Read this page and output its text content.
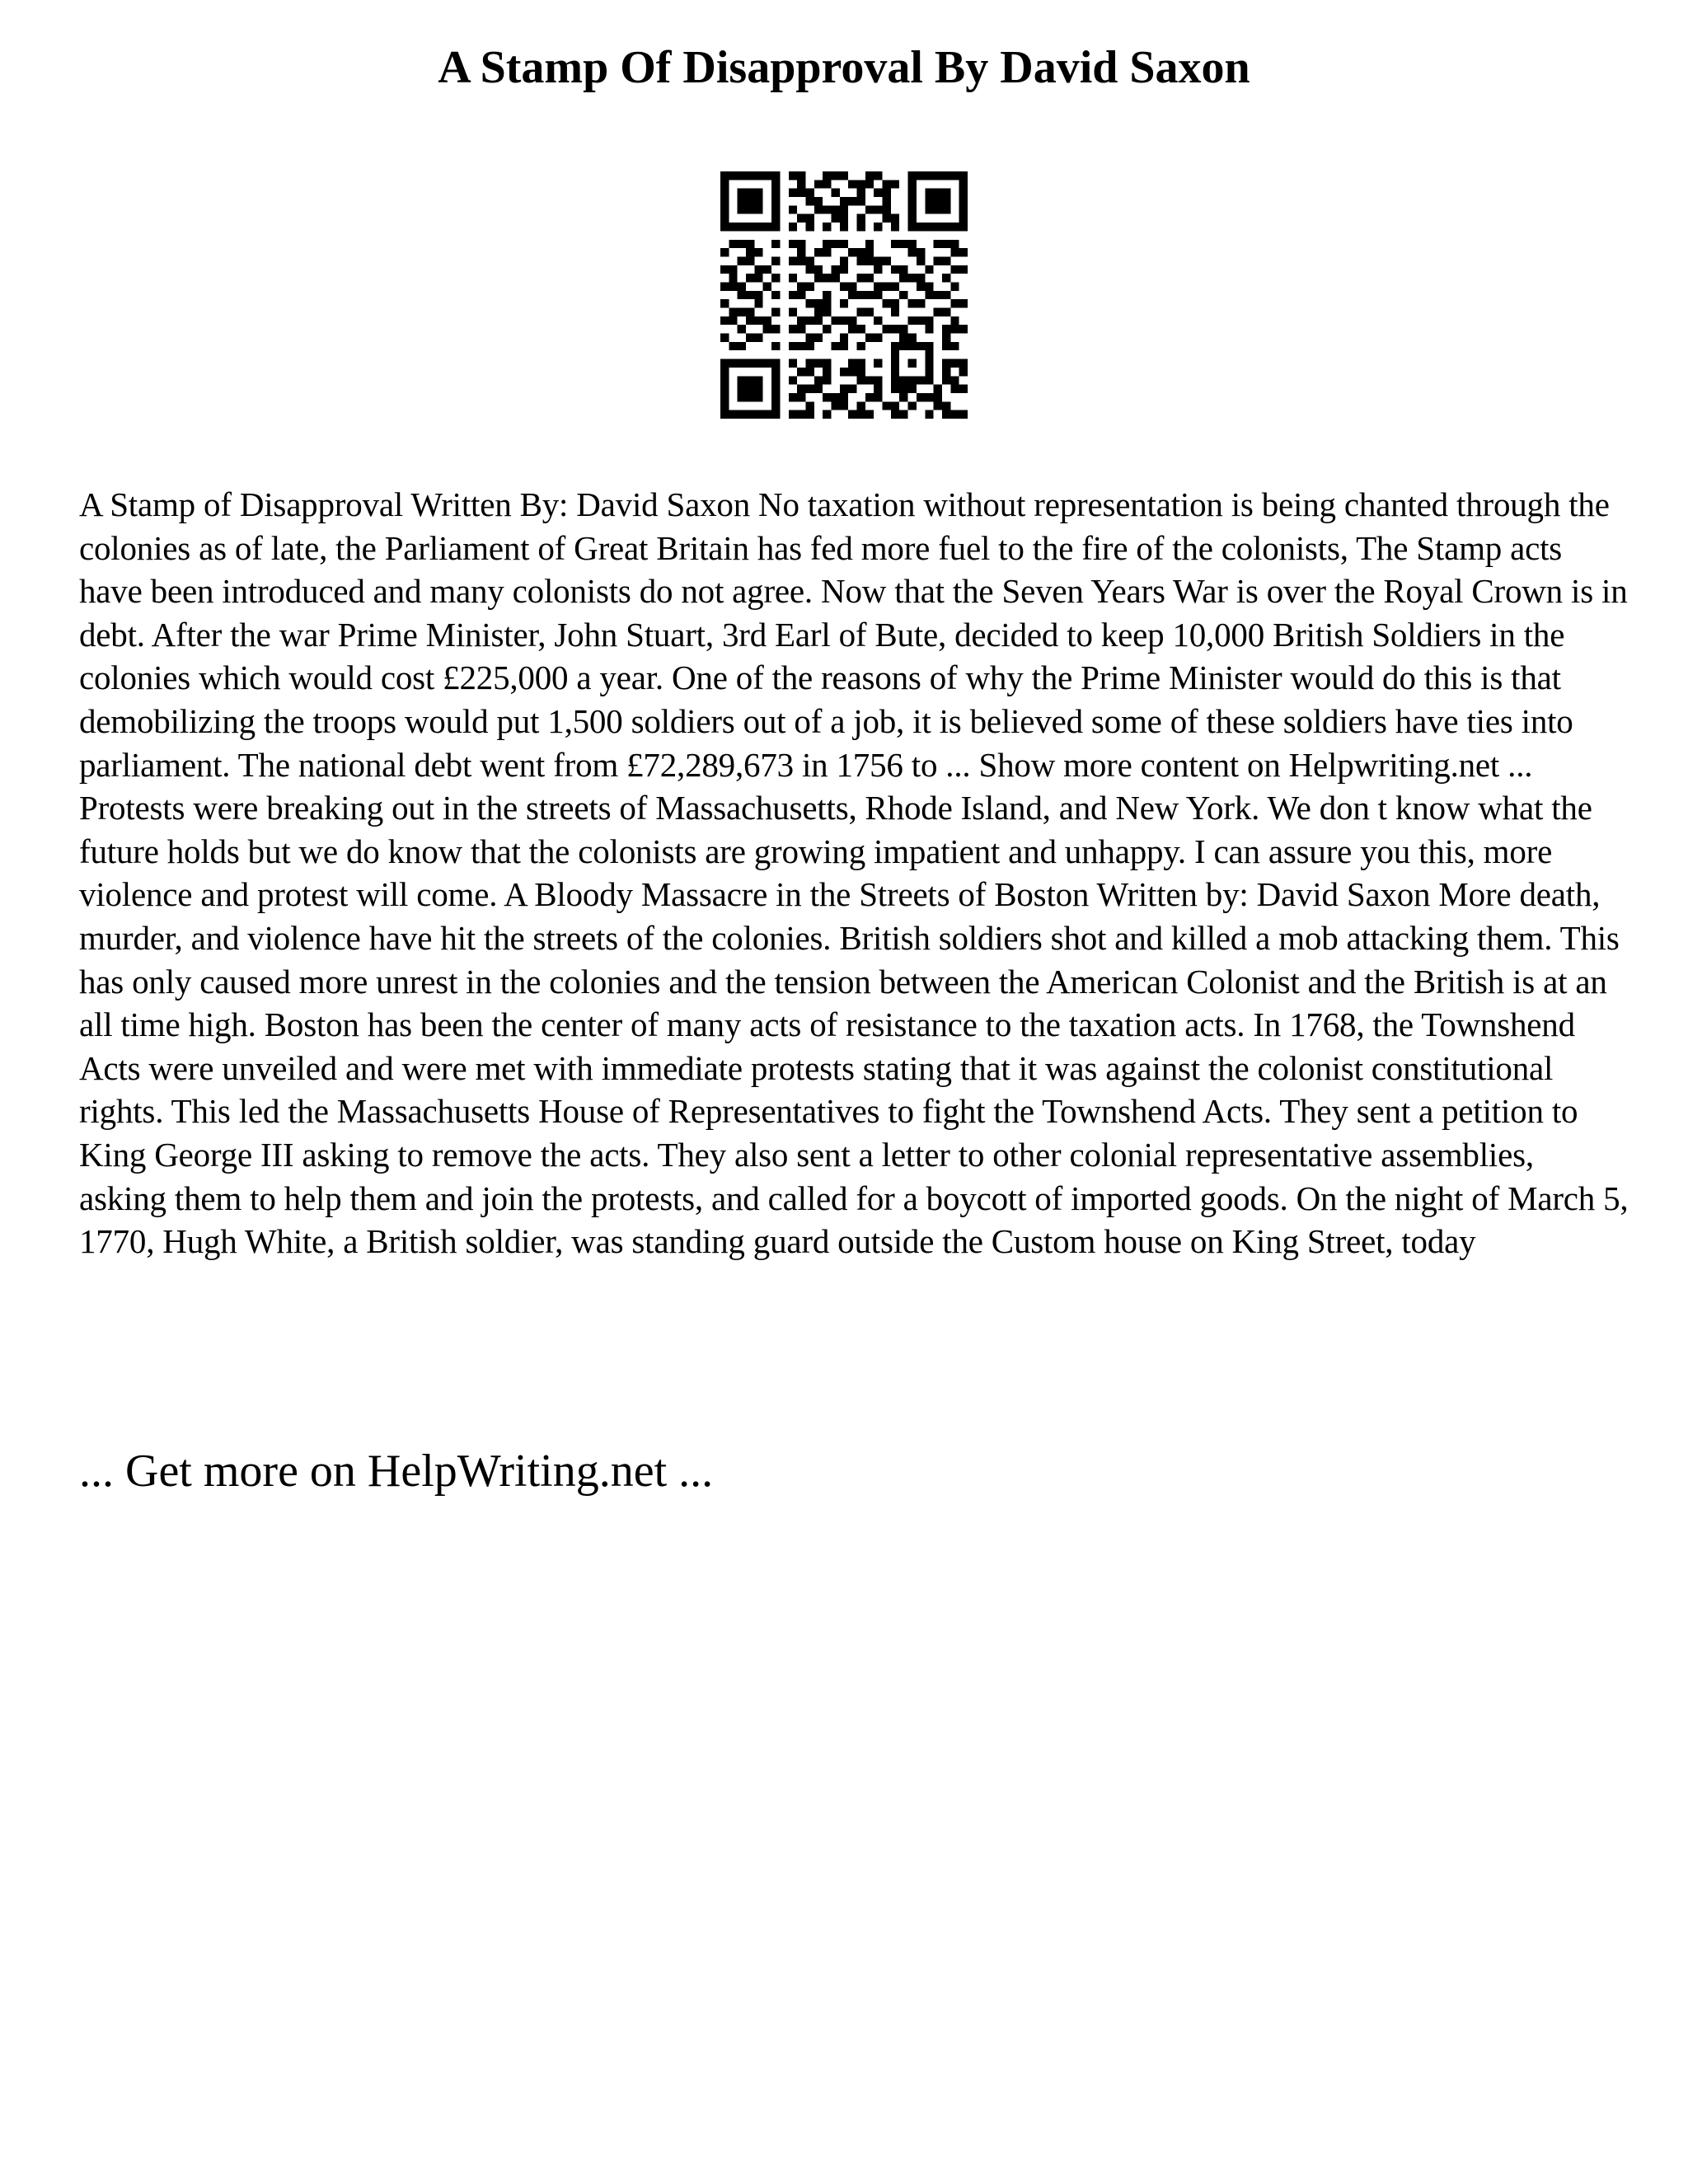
A Stamp Of Disapproval By David Saxon

A Stamp of Disapproval Written By: David Saxon No taxation without representation is being chanted through the colonies as of late, the Parliament of Great Britain has fed more fuel to the fire of the colonists, The Stamp acts have been introduced and many colonists do not agree. Now that the Seven Years War is over the Royal Crown is in debt. After the war Prime Minister, John Stuart, 3rd Earl of Bute, decided to keep 10,000 British Soldiers in the colonies which would cost £225,000 a year. One of the reasons of why the Prime Minister would do this is that demobilizing the troops would put 1,500 soldiers out of a job, it is believed some of these soldiers have ties into parliament. The national debt went from £72,289,673 in 1756 to ... Show more content on Helpwriting.net ...

Protests were breaking out in the streets of Massachusetts, Rhode Island, and New York. We don t know what the future holds but we do know that the colonists are growing impatient and unhappy. I can assure you this, more violence and protest will come. A Bloody Massacre in the Streets of Boston Written by: David Saxon More death, murder, and violence have hit the streets of the colonies. British soldiers shot and killed a mob attacking them. This has only caused more unrest in the colonies and the tension between the American Colonist and the British is at an all time high. Boston has been the center of many acts of resistance to the taxation acts. In 1768, the Townshend Acts were unveiled and were met with immediate protests stating that it was against the colonist constitutional rights. This led the Massachusetts House of Representatives to fight the Townshend Acts. They sent a petition to King George III asking to remove the acts. They also sent a letter to other colonial representative assemblies, asking them to help them and join the protests, and called for a boycott of imported goods. On the night of March 5, 1770, Hugh White, a British soldier, was standing guard outside the Custom house on King Street, today

... Get more on HelpWriting.net ...
